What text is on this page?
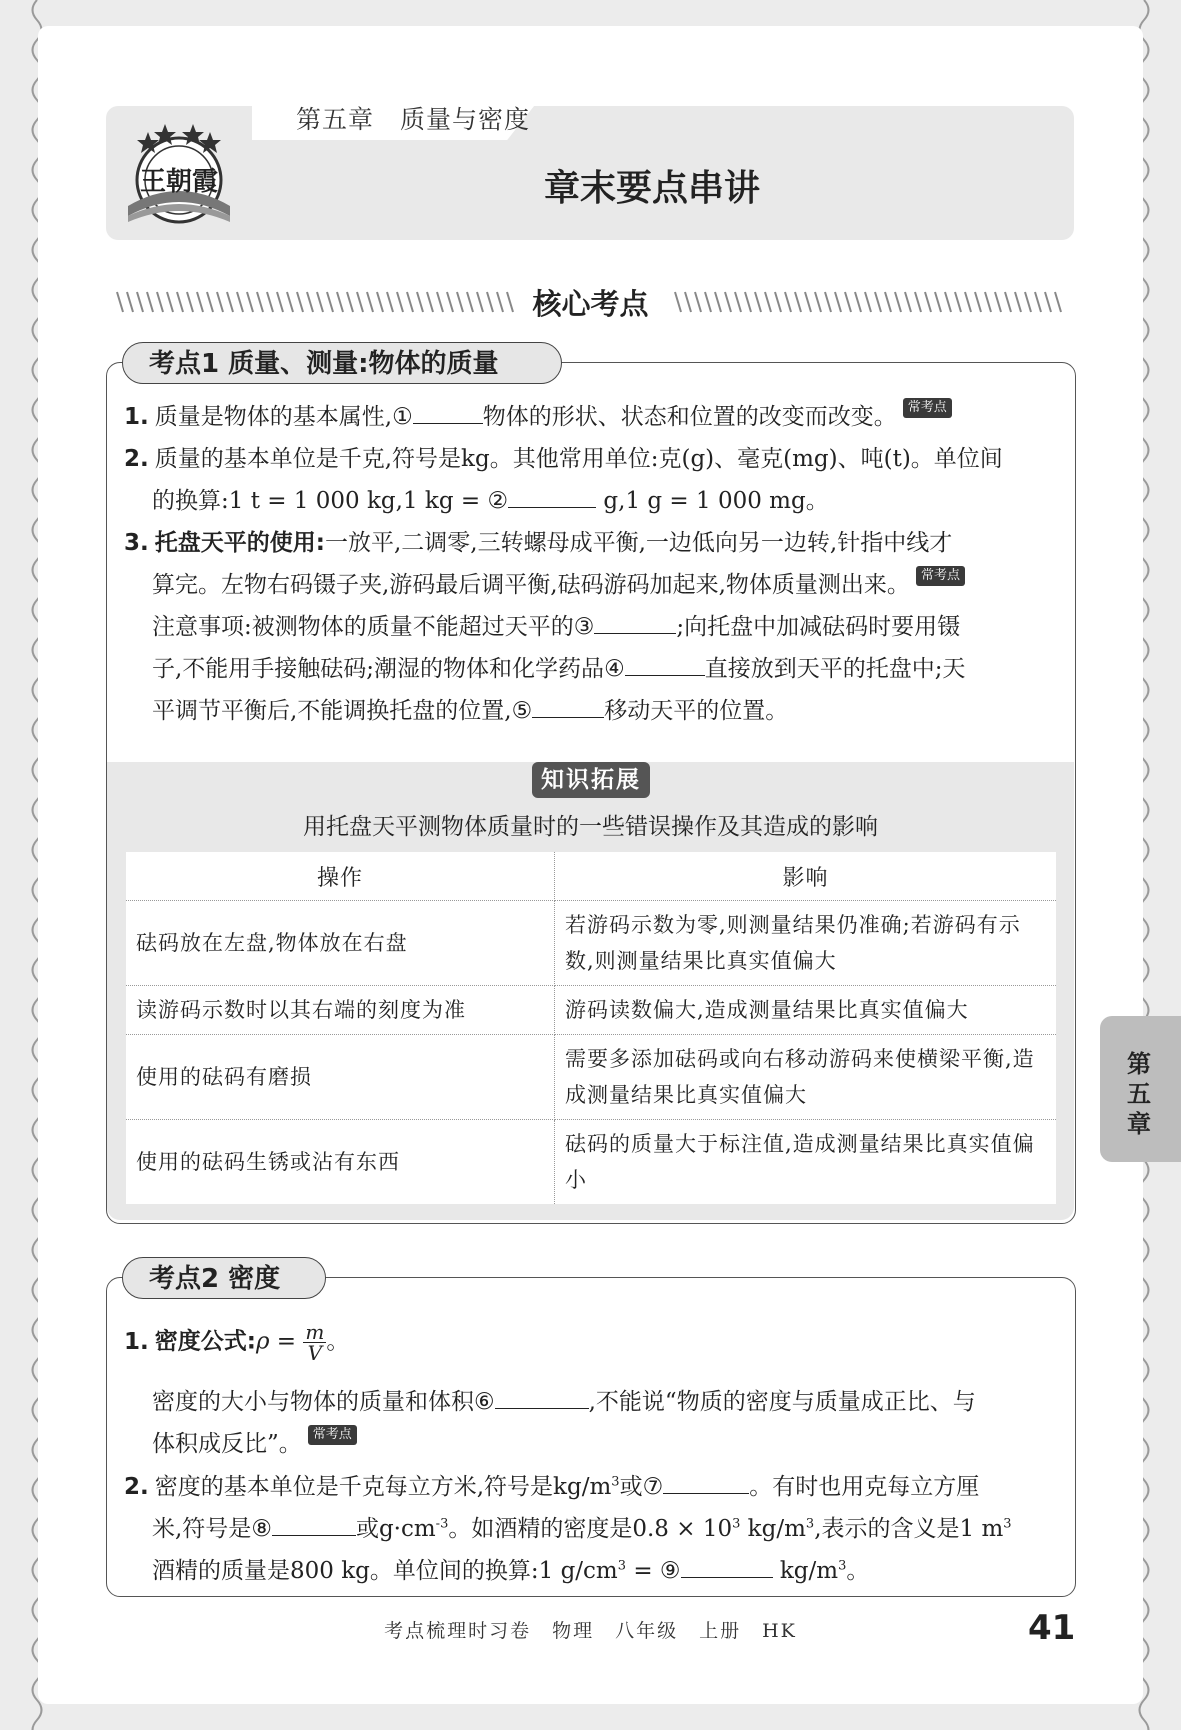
第五章　质量与密度
王朝霞	章末要点串讲
核心考点
考点1 质量、测量:物体的质量
1. 质量是物体的基本属性,①	物体的形状、状态和位置的改变而改变。 常考点
2. 质量的基本单位是千克,符号是kg。其他常用单位:克(g)、毫克(mg)、吨(t)。单位间
的换算:1 t = 1 000 kg,1 kg = ②	g,1 g = 1 000 mg。
3. 托盘天平的使用:一放平,二调零,三转螺母成平衡,一边低向另一边转,针指中线才
算完。左物右码镊子夹,游码最后调平衡,砝码游码加起来,物体质量测出来。 常考点
注意事项:被测物体的质量不能超过天平的③	;向托盘中加减砝码时要用镊
子,不能用手接触砝码;潮湿的物体和化学药品④	直接放到天平的托盘中;天
平调节平衡后,不能调换托盘的位置,⑤	移动天平的位置。
知识拓展
用托盘天平测物体质量时的一些错误操作及其造成的影响
操作	影响
砝码放在左盘,物体放在右盘	若游码示数为零,则测量结果仍准确;若游码有示数,则测量结果比真实值偏大
读游码示数时以其右端的刻度为准	游码读数偏大,造成测量结果比真实值偏大
使用的砝码有磨损	需要多添加砝码或向右移动游码来使横梁平衡,造成测量结果比真实值偏大
使用的砝码生锈或沾有东西	砝码的质量大于标注值,造成测量结果比真实值偏小
考点2 密度
1. 密度公式:ρ = $\frac{m}{V}$ 。
密度的大小与物体的质量和体积⑥	,不能说“物质的密度与质量成正比、与
体积成反比”。 常考点
2. 密度的基本单位是千克每立方米,符号是$kg/m^3$或⑦	。有时也用克每立方厘
米,符号是⑧	或$g\cdot cm^{-3}$。如酒精的密度是$0.8 \times 10^3$ $kg/m^3$,表示的含义是1 $m^3$
酒精的质量是800 kg。单位间的换算:1 $g/cm^3$ = ⑨	$kg/m^3$。
第
五
章
考点梳理时习卷　物理　八年级　上册　HK	41
